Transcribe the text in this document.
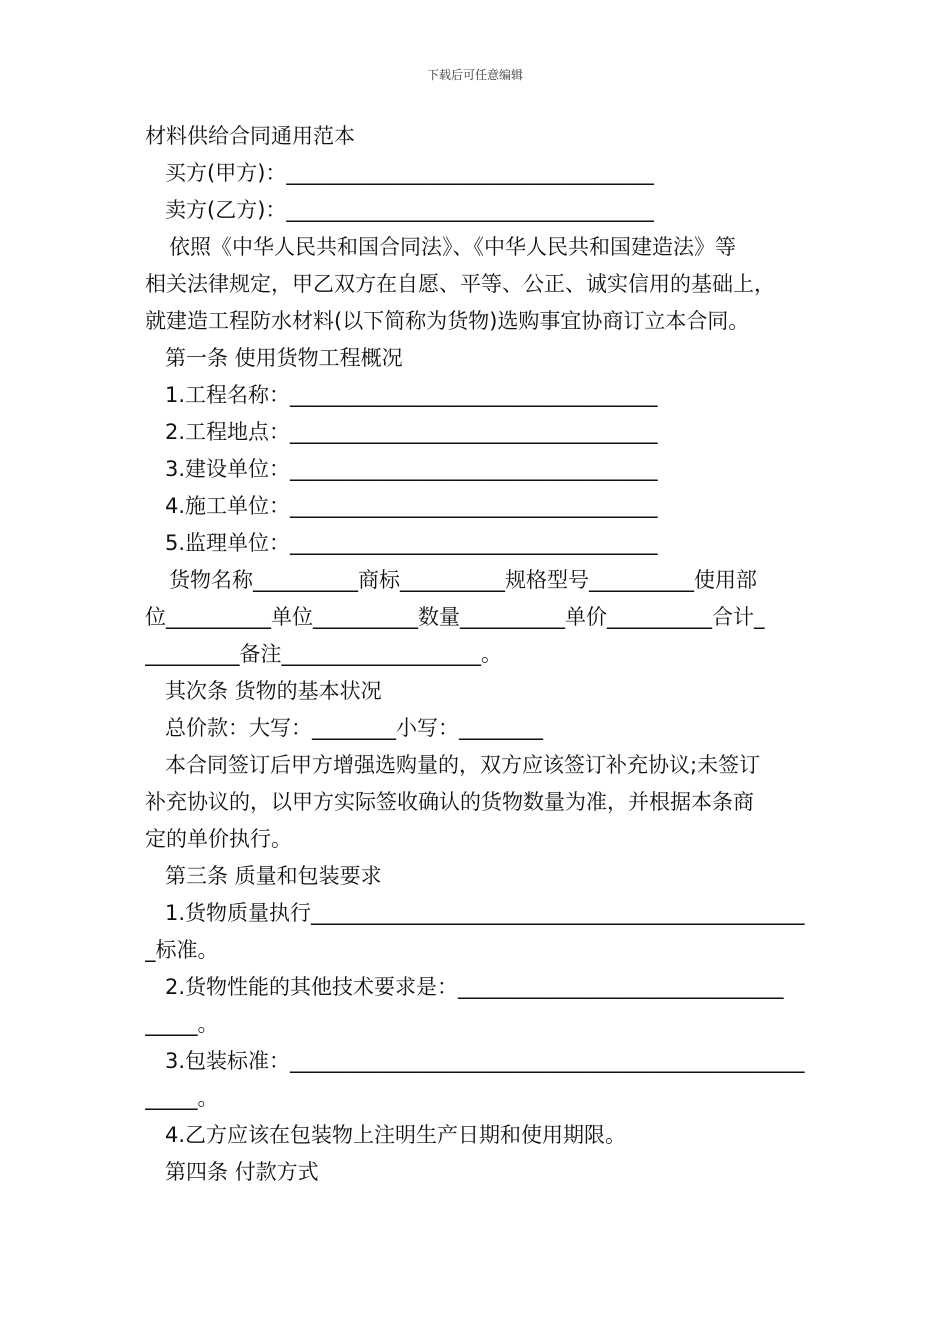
下载后可任意编辑
材料供给合同通用范本
买方(甲方)：___________________________________
卖方(乙方)：___________________________________
依照《中华人民共和国合同法》、《中华人民共和国建造法》等
相关法律规定，甲乙双方在自愿、平等、公正、诚实信用的基础上，
就建造工程防水材料(以下简称为货物)选购事宜协商订立本合同。
第一条 使用货物工程概况
1.工程名称：___________________________________
2.工程地点：___________________________________
3.建设单位：___________________________________
4.施工单位：___________________________________
5.监理单位：___________________________________
货物名称__________商标__________规格型号__________使用部
位__________单位__________数量__________单价__________合计_
_________备注___________________。
其次条 货物的基本状况
总价款：大写：________小写：________
本合同签订后甲方增强选购量的，双方应该签订补充协议;未签订
补充协议的，以甲方实际签收确认的货物数量为准，并根据本条商
定的单价执行。
第三条 质量和包装要求
1.货物质量执行_______________________________________________
_标准。
2.货物性能的其他技术要求是：_______________________________
_____。
3.包装标准：_________________________________________________
_____。
4.乙方应该在包装物上注明生产日期和使用期限。
第四条 付款方式
